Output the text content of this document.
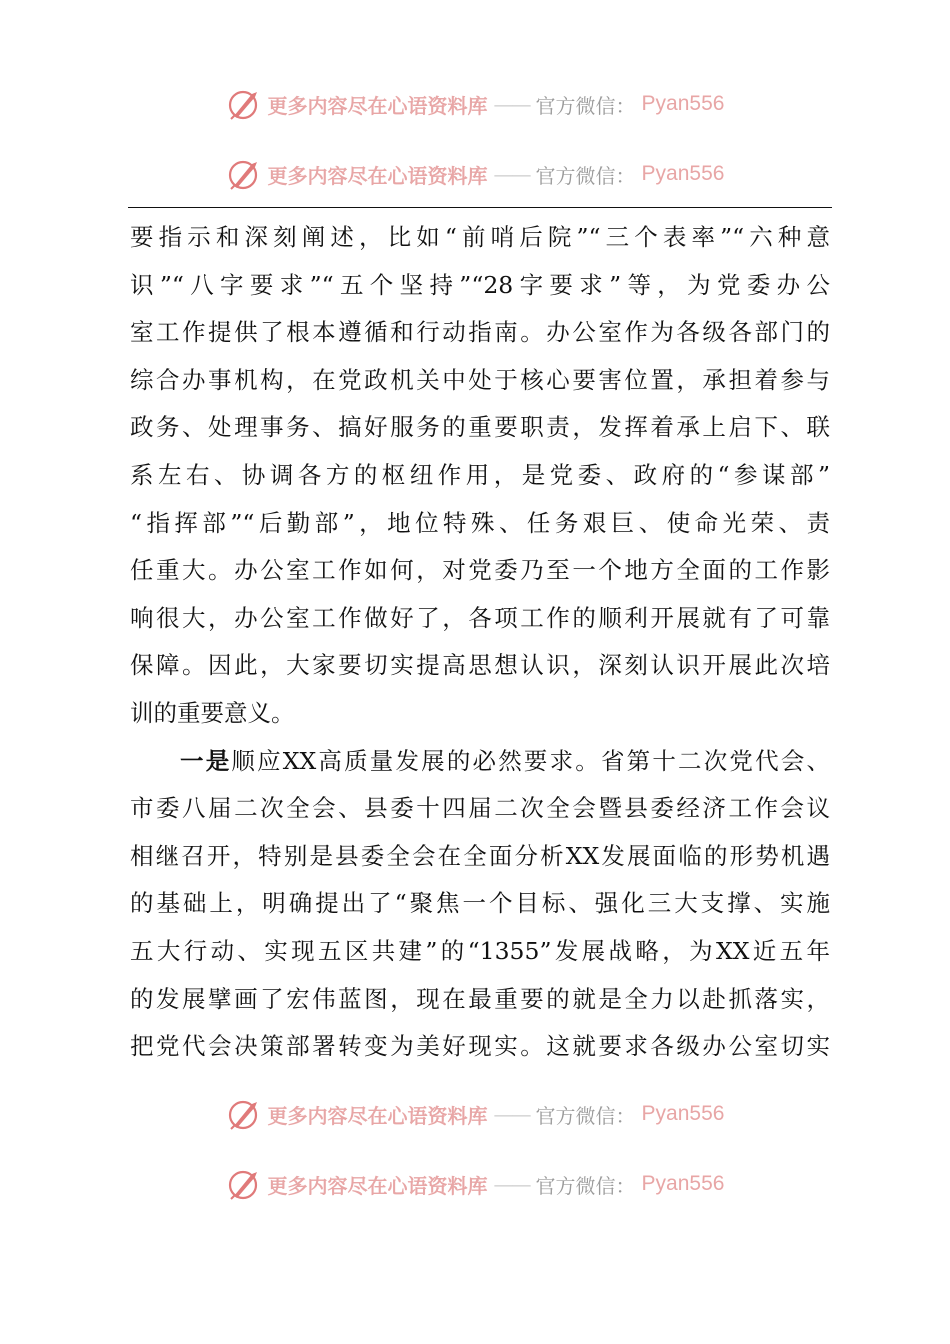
更多内容尽在心语资料库 —— 官方微信： Pyan556
更多内容尽在心语资料库 —— 官方微信： Pyan556
要指示和深刻阐述，比如“前哨后院”“三个表率”“六种意
识”“八字要求”“五个坚持”“28字要求”等，为党委办公
室工作提供了根本遵循和行动指南。办公室作为各级各部门的
综合办事机构，在党政机关中处于核心要害位置，承担着参与
政务、处理事务、搞好服务的重要职责，发挥着承上启下、联
系左右、协调各方的枢纽作用，是党委、政府的“参谋部”
“指挥部”“后勤部”，地位特殊、任务艰巨、使命光荣、责
任重大。办公室工作如何，对党委乃至一个地方全面的工作影
响很大，办公室工作做好了，各项工作的顺利开展就有了可靠
保障。因此，大家要切实提高思想认识，深刻认识开展此次培
训的重要意义。
一是顺应XX高质量发展的必然要求。省第十二次党代会、
市委八届二次全会、县委十四届二次全会暨县委经济工作会议
相继召开，特别是县委全会在全面分析XX发展面临的形势机遇
的基础上，明确提出了“聚焦一个目标、强化三大支撑、实施
五大行动、实现五区共建”的“1355”发展战略，为XX近五年
的发展擘画了宏伟蓝图，现在最重要的就是全力以赴抓落实，
把党代会决策部署转变为美好现实。这就要求各级办公室切实
更多内容尽在心语资料库 —— 官方微信： Pyan556
更多内容尽在心语资料库 —— 官方微信： Pyan556
